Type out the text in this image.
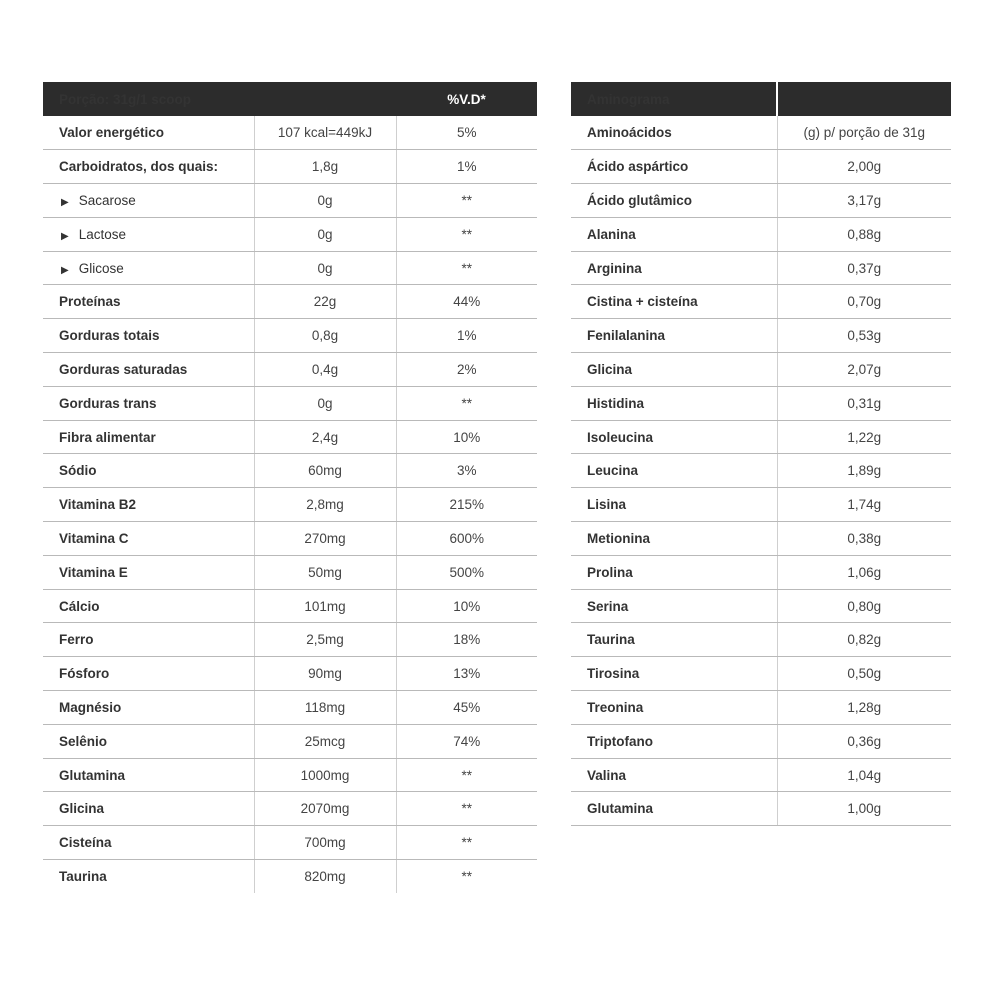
Porção: 31g/1 scoop		%V.D*
Valor energético	107 kcal=449kJ	5%
Carboidratos, dos quais:	1,8g	1%
▶ Sacarose	0g	**
▶ Lactose	0g	**
▶ Glicose	0g	**
Proteínas	22g	44%
Gorduras totais	0,8g	1%
Gorduras saturadas	0,4g	2%
Gorduras trans	0g	**
Fibra alimentar	2,4g	10%
Sódio	60mg	3%
Vitamina B2	2,8mg	215%
Vitamina C	270mg	600%
Vitamina E	50mg	500%
Cálcio	101mg	10%
Ferro	2,5mg	18%
Fósforo	90mg	13%
Magnésio	118mg	45%
Selênio	25mcg	74%
Glutamina	1000mg	**
Glicina	2070mg	**
Cisteína	700mg	**
Taurina	820mg	**
Aminograma	
Aminoácidos	(g) p/ porção de 31g
Ácido aspártico	2,00g
Ácido glutâmico	3,17g
Alanina	0,88g
Arginina	0,37g
Cistina + cisteína	0,70g
Fenilalanina	0,53g
Glicina	2,07g
Histidina	0,31g
Isoleucina	1,22g
Leucina	1,89g
Lisina	1,74g
Metionina	0,38g
Prolina	1,06g
Serina	0,80g
Taurina	0,82g
Tirosina	0,50g
Treonina	1,28g
Triptofano	0,36g
Valina	1,04g
Glutamina	1,00g
